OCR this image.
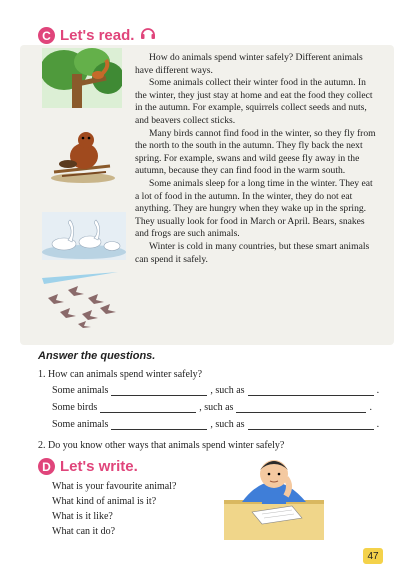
C Let's read.

How do animals spend winter safely? Different animals have different ways.

Some animals collect their winter food in the autumn. In the winter, they just stay at home and eat the food they collect in the autumn. For example, squirrels collect seeds and nuts, and beavers collect sticks.

Many birds cannot find food in the winter, so they fly from the north to the south in the autumn. They fly back the next spring. For example, swans and wild geese fly away in the autumn, because they can find food in the warm south.

Some animals sleep for a long time in the winter. They eat a lot of food in the autumn. In the winter, they do not eat anything. They are hungry when they wake up in the spring. They usually look for food in March or April. Bears, snakes and frogs are such animals.

Winter is cold in many countries, but these smart animals can spend it safely.

Answer the questions.
1. How can animals spend winter safely?
Some animals	, such as	.
Some birds	, such as	.
Some animals	, such as	.
2. Do you know other ways that animals spend winter safely?
D Let's write.
What is your favourite animal?
What kind of animal is it?
What is it like?
What can it do?
47
